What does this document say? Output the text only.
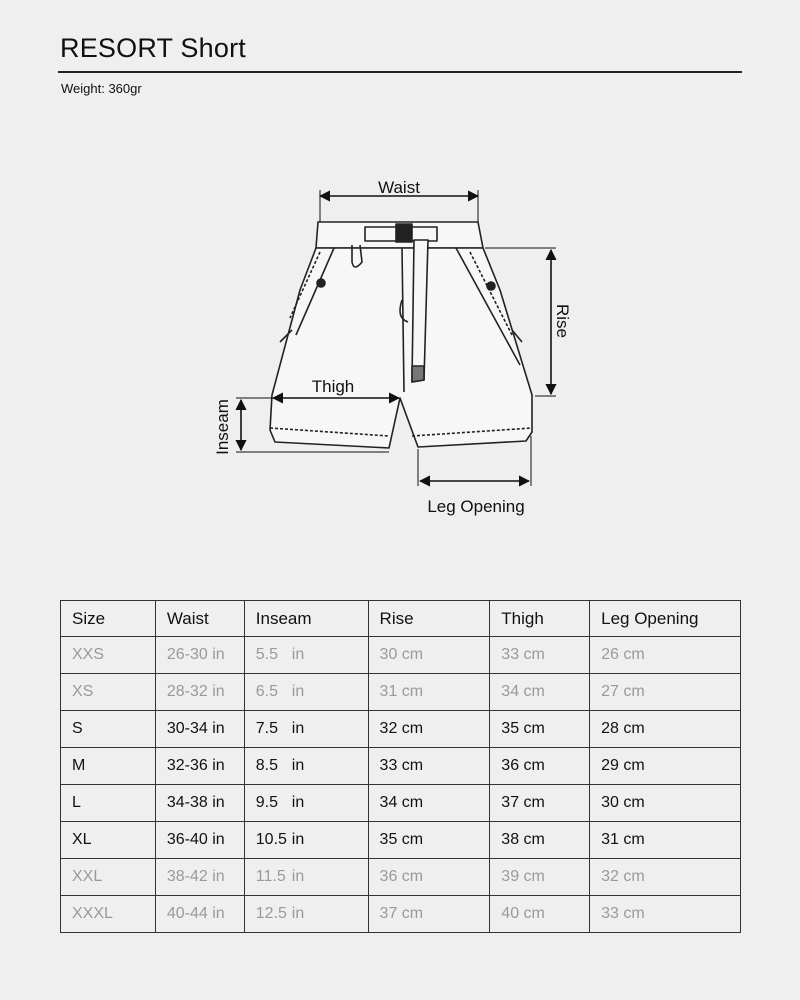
RESORT Short
Weight: 360gr
Waist
Rise
Thigh
Inseam
Leg Opening
Size	Waist	Inseam	Rise	Thigh	Leg Opening
XXS	26-30 in	5.5 in	30 cm	33 cm	26 cm
XS	28-32 in	6.5 in	31 cm	34 cm	27 cm
S	30-34 in	7.5 in	32 cm	35 cm	28 cm
M	32-36 in	8.5 in	33 cm	36 cm	29 cm
L	34-38 in	9.5 in	34 cm	37 cm	30 cm
XL	36-40 in	10.5 in	35 cm	38 cm	31 cm
XXL	38-42 in	11.5 in	36 cm	39 cm	32 cm
XXXL	40-44 in	12.5 in	37 cm	40 cm	33 cm
